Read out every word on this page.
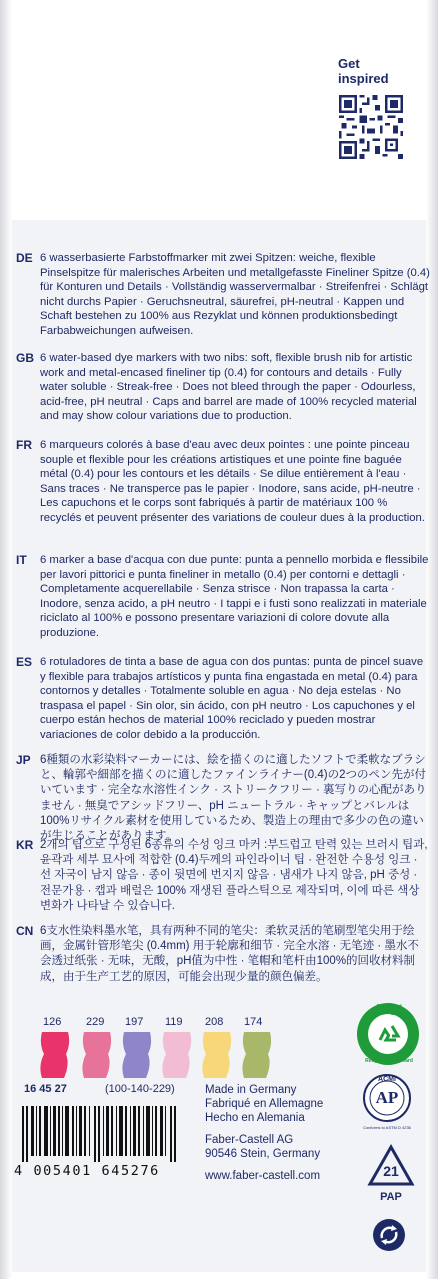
Get
inspired
DE 6 wasserbasierte Farbstoffmarker mit zwei Spitzen: weiche, flexible Pinselspitze für malerisches Arbeiten und metallgefasste Fineliner Spitze (0.4) für Konturen und Details · Vollständig wasservermalbar · Streifenfrei · Schlägt nicht durchs Papier · Geruchsneutral, säurefrei, pH-neutral · Kappen und Schaft bestehen zu 100% aus Rezyklat und können produktionsbedingt Farbabweichungen aufweisen.
GB 6 water-based dye markers with two nibs: soft, flexible brush nib for artistic work and metal-encased fineliner tip (0.4) for contours and details · Fully water soluble · Streak-free · Does not bleed through the paper · Odourless, acid-free, pH neutral · Caps and barrel are made of 100% recycled material and may show colour variations due to production.
FR 6 marqueurs colorés à base d'eau avec deux pointes : une pointe pinceau souple et flexible pour les créations artistiques et une pointe fine baguée métal (0.4) pour les contours et les détails · Se dilue entièrement à l'eau · Sans traces · Ne transperce pas le papier · Inodore, sans acide, pH-neutre · Les capuchons et le corps sont fabriqués à partir de matériaux 100 % recyclés et peuvent présenter des variations de couleur dues à la production.
IT 6 marker a base d'acqua con due punte: punta a pennello morbida e flessibile per lavori pittorici e punta fineliner in metallo (0.4) per contorni e dettagli · Completamente acquerellabile · Senza strisce · Non trapassa la carta · Inodore, senza acido, a pH neutro · I tappi e i fusti sono realizzati in materiale riciclato al 100% e possono presentare variazioni di colore dovute alla produzione.
ES 6 rotuladores de tinta a base de agua con dos puntas: punta de pincel suave y flexible para trabajos artísticos y punta fina engastada en metal (0.4) para contornos y detalles · Totalmente soluble en agua · No deja estelas · No traspasa el papel · Sin olor, sin ácido, con pH neutro · Los capuchones y el cuerpo están hechos de material 100% reciclado y pueden mostrar variaciones de color debido a la producción.
JP 6種類の水彩染料マーカーには、絵を描くのに適したソフトで柔軟なブラシと、輪郭や細部を描くのに適したファインライナー(0.4)の2つのペン先が付いています · 完全な水溶性インク · ストリークフリー · 裏写りの心配がありません · 無臭でアシッドフリー、pH ニュートラル · キャップとバレルは100%リサイクル素材を使用しているため、製造上の理由で多少の色の違いが生じることがあります。
KR 2개의 팁으로 구성된 6종류의 수성 잉크 마커 :부드럽고 탄력 있는 브러시 팁과, 윤곽과 세부 묘사에 적합한 (0.4)두께의 파인라이너 팁 · 완전한 수용성 잉크 · 선 자국이 남지 않음 · 종이 뒷면에 번지지 않음 · 냄새가 나지 않음, pH 중성 · 전문가용 · 캡과 배럴은 100% 재생된 플라스틱으로 제작되며, 이에 따른 색상 변화가 나타날 수 있습니다.
CN 6支水性染料墨水笔，具有两种不同的笔尖：柔软灵活的笔刷型笔尖用于绘画，金属针管形笔尖 (0.4mm) 用于轮廓和细节 · 完全水溶 · 无笔迹 · 墨水不会透过纸张 · 无味，无酸，pH值为中性 · 笔帽和笔杆由100%的回收材料制成，由于生产工艺的原因，可能会出现少量的颜色偏差。
126	229	197	119	208	174
Cardboard packaging
Recycled cardboard
ACMI
AP
Conforms to ASTM D 4236
16 45 27	(100-140-229)	Made in Germany
Fabriqué en Allemagne
Hecho en Alemania
Faber-Castell AG
90546 Stein, Germany
www.faber-castell.com
4 005401 645276	21
PAP
